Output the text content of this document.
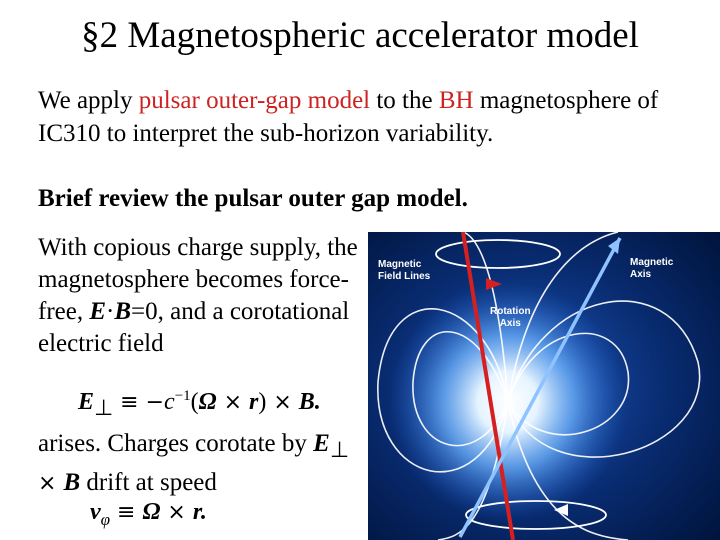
§2 Magnetospheric accelerator model
We apply pulsar outer-gap model to the BH magnetosphere of IC310 to interpret the sub-horizon variability.
Brief review the pulsar outer gap model.
With copious charge supply, the magnetosphere becomes force-free, E·B=0, and a corotational electric field
$E_\perp \equiv -c^{-1}(\Omega \times r) \times B$.
arises. Charges corotate by $E_\perp \times B$ drift at speed
$v_\varphi \equiv \Omega \times r$.
Magnetic
Field Lines
Magnetic
Axis
Rotation
Axis
